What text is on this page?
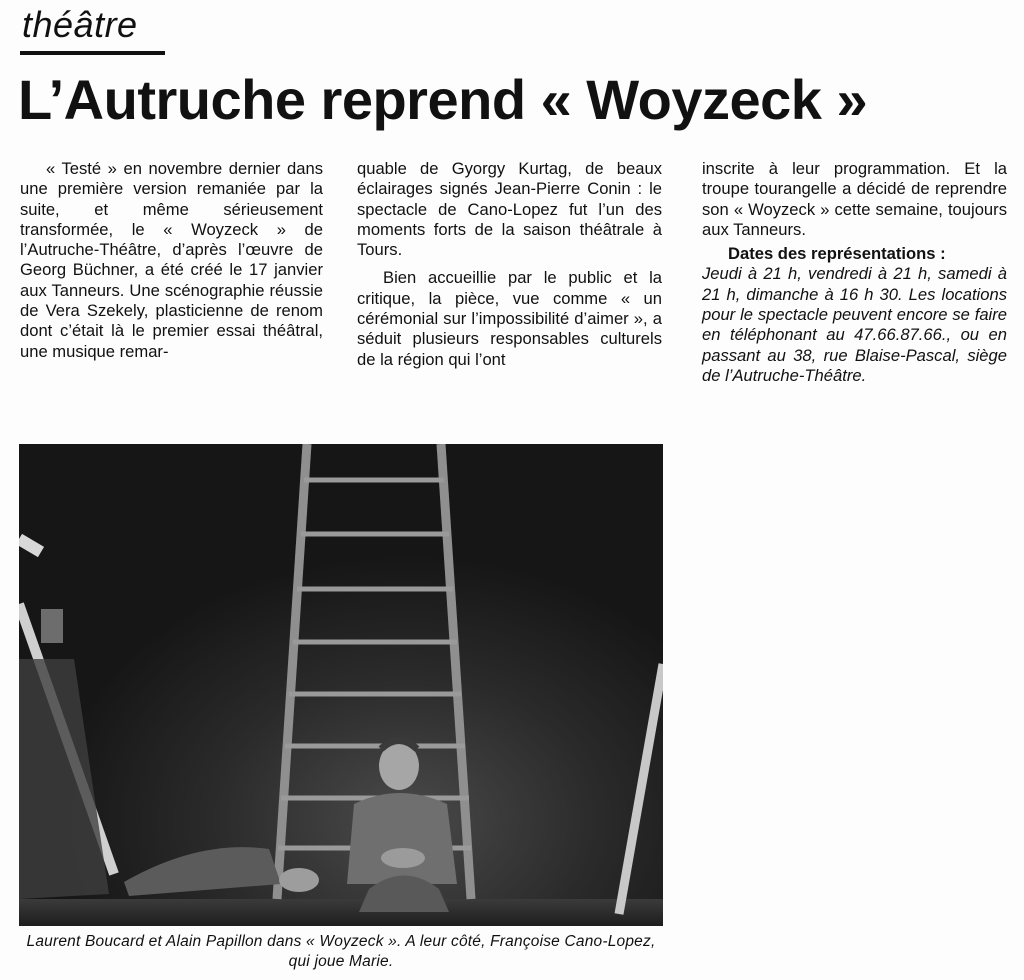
théâtre
L’Autruche reprend « Woyzeck »

« Testé » en novembre dernier dans une première version remaniée par la suite, et même sérieusement transformée, le « Woyzeck » de l’Autruche-Théâtre, d’après l’œuvre de Georg Büchner, a été créé le 17 janvier aux Tanneurs. Une scénographie réussie de Vera Szekely, plasticienne de renom dont c’était là le premier essai théâtral, une musique remar-

quable de Gyorgy Kurtag, de beaux éclairages signés Jean-Pierre Conin : le spectacle de Cano-Lopez fut l’un des moments forts de la saison théâtrale à Tours.

Bien accueillie par le public et la critique, la pièce, vue comme « un cérémonial sur l’impossibilité d’aimer », a séduit plusieurs responsables culturels de la région qui l’ont

inscrite à leur programmation. Et la troupe tourangelle a décidé de reprendre son « Woyzeck » cette semaine, toujours aux Tanneurs.

Dates des représentations :
Jeudi à 21 h, vendredi à 21 h, samedi à 21 h, dimanche à 16 h 30. Les locations pour le spectacle peuvent encore se faire en téléphonant au 47.66.87.66., ou en passant au 38, rue Blaise-Pascal, siège de l’Autruche-Théâtre.

Laurent Boucard et Alain Papillon dans « Woyzeck ». A leur côté, Françoise Cano-Lopez, qui joue Marie.
